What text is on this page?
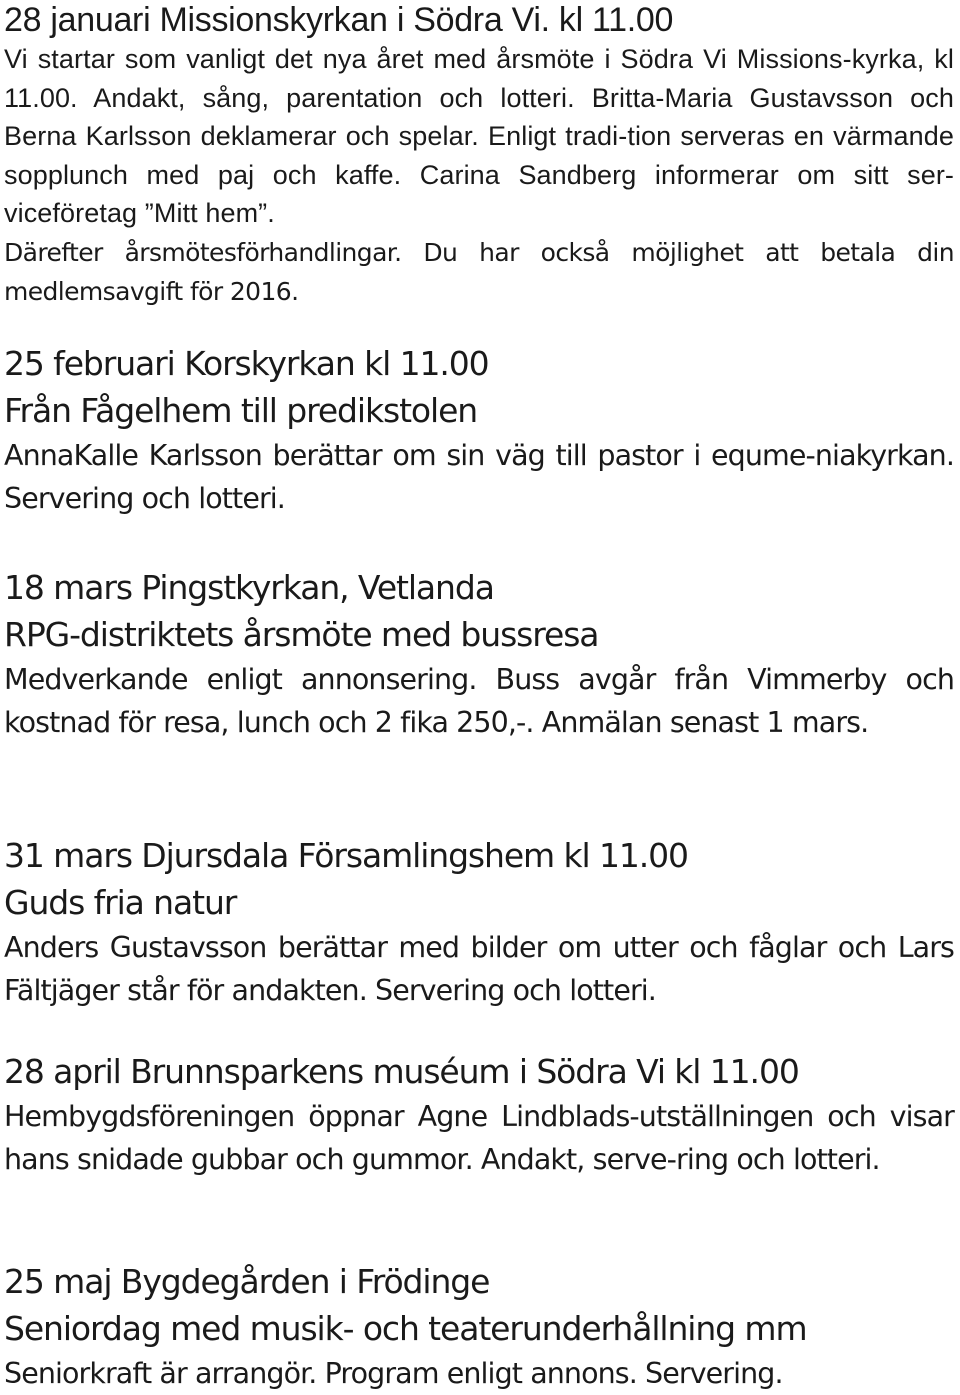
28 januari Missionskyrkan i Södra Vi. kl 11.00

Vi startar som vanligt det nya året med årsmöte i Södra Vi Missions-kyrka, kl 11.00. Andakt, sång, parentation och lotteri. Britta-Maria Gustavsson och Berna Karlsson deklamerar och spelar. Enligt tradi-tion serveras en värmande sopplunch med paj och kaffe. Carina Sandberg informerar om sitt ser-viceföretag ”Mitt hem”.
Därefter årsmötesförhandlingar. Du har också möjlighet att betala din medlemsavgift för 2016.

25 februari Korskyrkan kl 11.00
Från Fågelhem till predikstolen

AnnaKalle Karlsson berättar om sin väg till pastor i equme-niakyrkan. Servering och lotteri.

18 mars Pingstkyrkan, Vetlanda
RPG-distriktets årsmöte med bussresa

Medverkande enligt annonsering. Buss avgår från Vimmerby och kostnad för resa, lunch och 2 fika 250,-. Anmälan senast 1 mars.

31 mars Djursdala Församlingshem kl 11.00
Guds fria natur

Anders Gustavsson berättar med bilder om utter och fåglar och Lars Fältjäger står för andakten. Servering och lotteri.

28 april Brunnsparkens muséum i Södra Vi kl 11.00

Hembygdsföreningen öppnar Agne Lindblads-utställningen och visar hans snidade gubbar och gummor. Andakt, serve-ring och lotteri.

25 maj Bygdegården i Frödinge
Seniordag med musik- och teaterunderhållning mm

Seniorkraft är arrangör. Program enligt annons. Servering.
